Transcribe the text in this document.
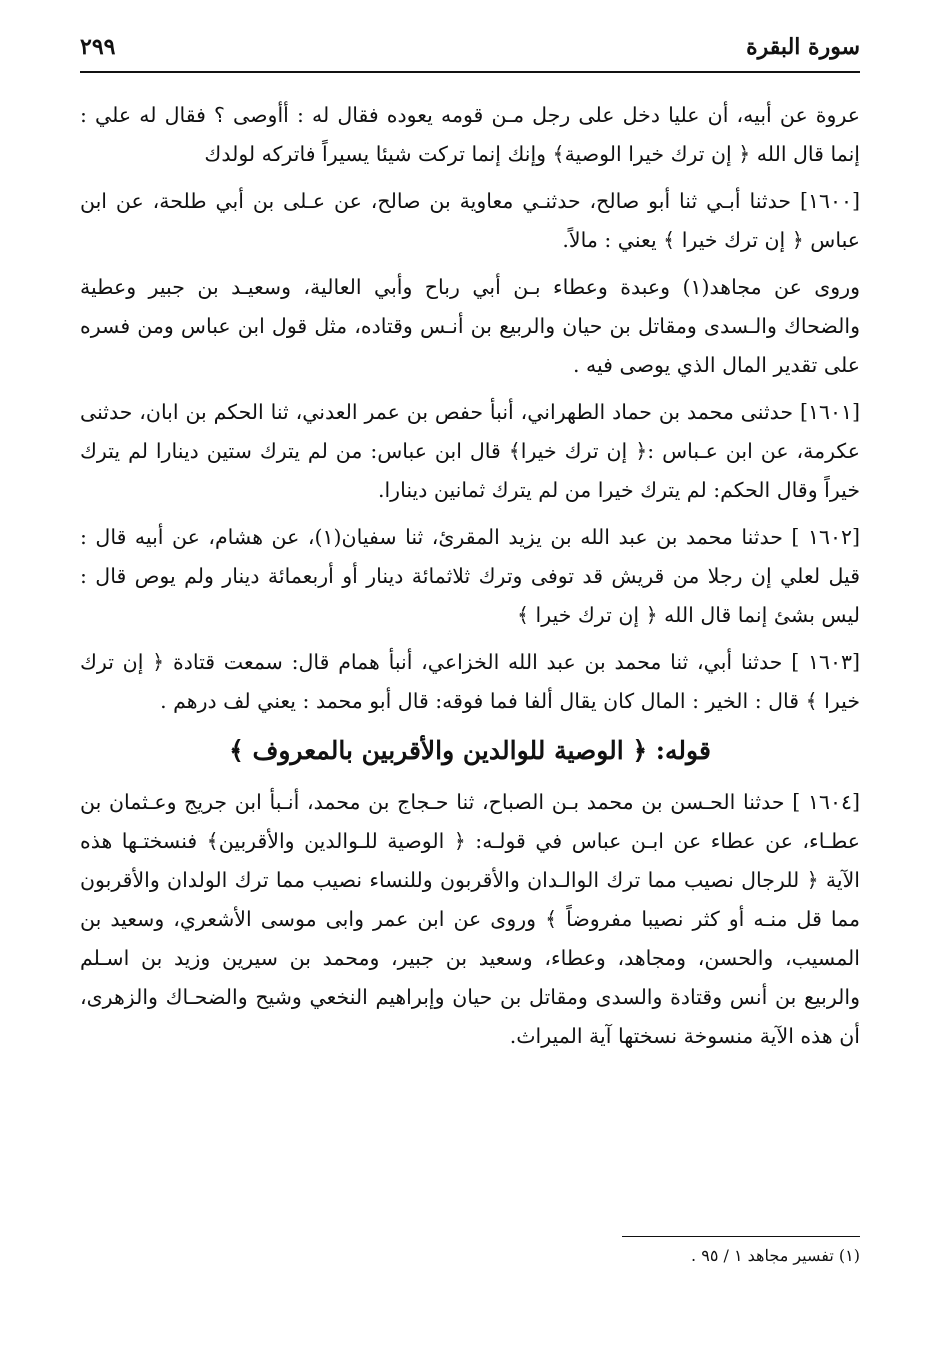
سورة البقرة
٢٩٩

عروة عن أبيه، أن عليا دخل على رجل مـن قومه يعوده فقال له : أأوصى ؟ فقال له علي : إنما قال الله ﴿ إن ترك خيرا الوصية﴾ وإنك إنما تركت شيئا يسيراً فاتركه لولدك

[١٦٠٠] حدثنا أبـي ثنا أبو صالح، حدثنـي معاوية بن صالح، عن عـلى بن أبي طلحة، عن ابن عباس ﴿ إن ترك خيرا ﴾ يعني : مالاً.

وروى عن مجاهد(١) وعبدة وعطاء بـن أبي رباح وأبي العالية، وسعيـد بن جبير وعطية والضحاك والـسدى ومقاتل بن حيان والربيع بن أنـس وقتاده، مثل قول ابن عباس ومن فسره على تقدير المال الذي يوصى فيه .

[١٦٠١] حدثنى محمد بن حماد الطهراني، أنبأ حفص بن عمر العدني، ثنا الحكم بن ابان، حدثنى عكرمة، عن ابن عـباس :﴿ إن ترك خيرا﴾ قال ابن عباس: من لم يترك ستين دينارا لم يترك خيراً وقال الحكم: لم يترك خيرا من لم يترك ثمانين دينارا.

[١٦٠٢ ] حدثنا محمد بن عبد الله بن يزيد المقرئ، ثنا سفيان(١)، عن هشام، عن أبيه قال : قيل لعلي إن رجلا من قريش قد توفى وترك ثلاثمائة دينار أو أربعمائة دينار ولم يوص قال : ليس بشئ إنما قال الله ﴿ إن ترك خيرا ﴾

[١٦٠٣ ] حدثنا أبي، ثنا محمد بن عبد الله الخزاعي، أنبأ همام قال: سمعت قتادة ﴿ إن ترك خيرا ﴾ قال : الخير : المال كان يقال ألفا فما فوقه: قال أبو محمد : يعني لف درهم .

قوله: ﴿ الوصية للوالدين والأقربين بالمعروف ﴾

[١٦٠٤ ] حدثنا الحـسن بن محمد بـن الصباح، ثنا حـجاج بن محمد، أنـبأ ابن جريج وعـثمان بن عطـاء، عن عطاء عن ابـن عباس في قولـه: ﴿ الوصية للـوالدين والأقربين﴾ فنسختـها هذه الآية ﴿ للرجال نصيب مما ترك الوالـدان والأقربون وللنساء نصيب مما ترك الولدان والأقربون مما قل منـه أو كثر نصيبا مفروضاً ﴾ وروى عن ابن عمر وابى موسى الأشعري، وسعيد بن المسيب، والحسن، ومجاهد، وعطاء، وسعيد بن جبير، ومحمد بن سيرين وزيد بن اسـلم والربيع بن أنس وقتادة والسدى ومقاتل بن حيان وإبراهيم النخعي وشيح والضحـاك والزهرى، أن هذه الآية منسوخة نسختها آية الميراث.

(١) تفسير مجاهد ١ / ٩٥ .
